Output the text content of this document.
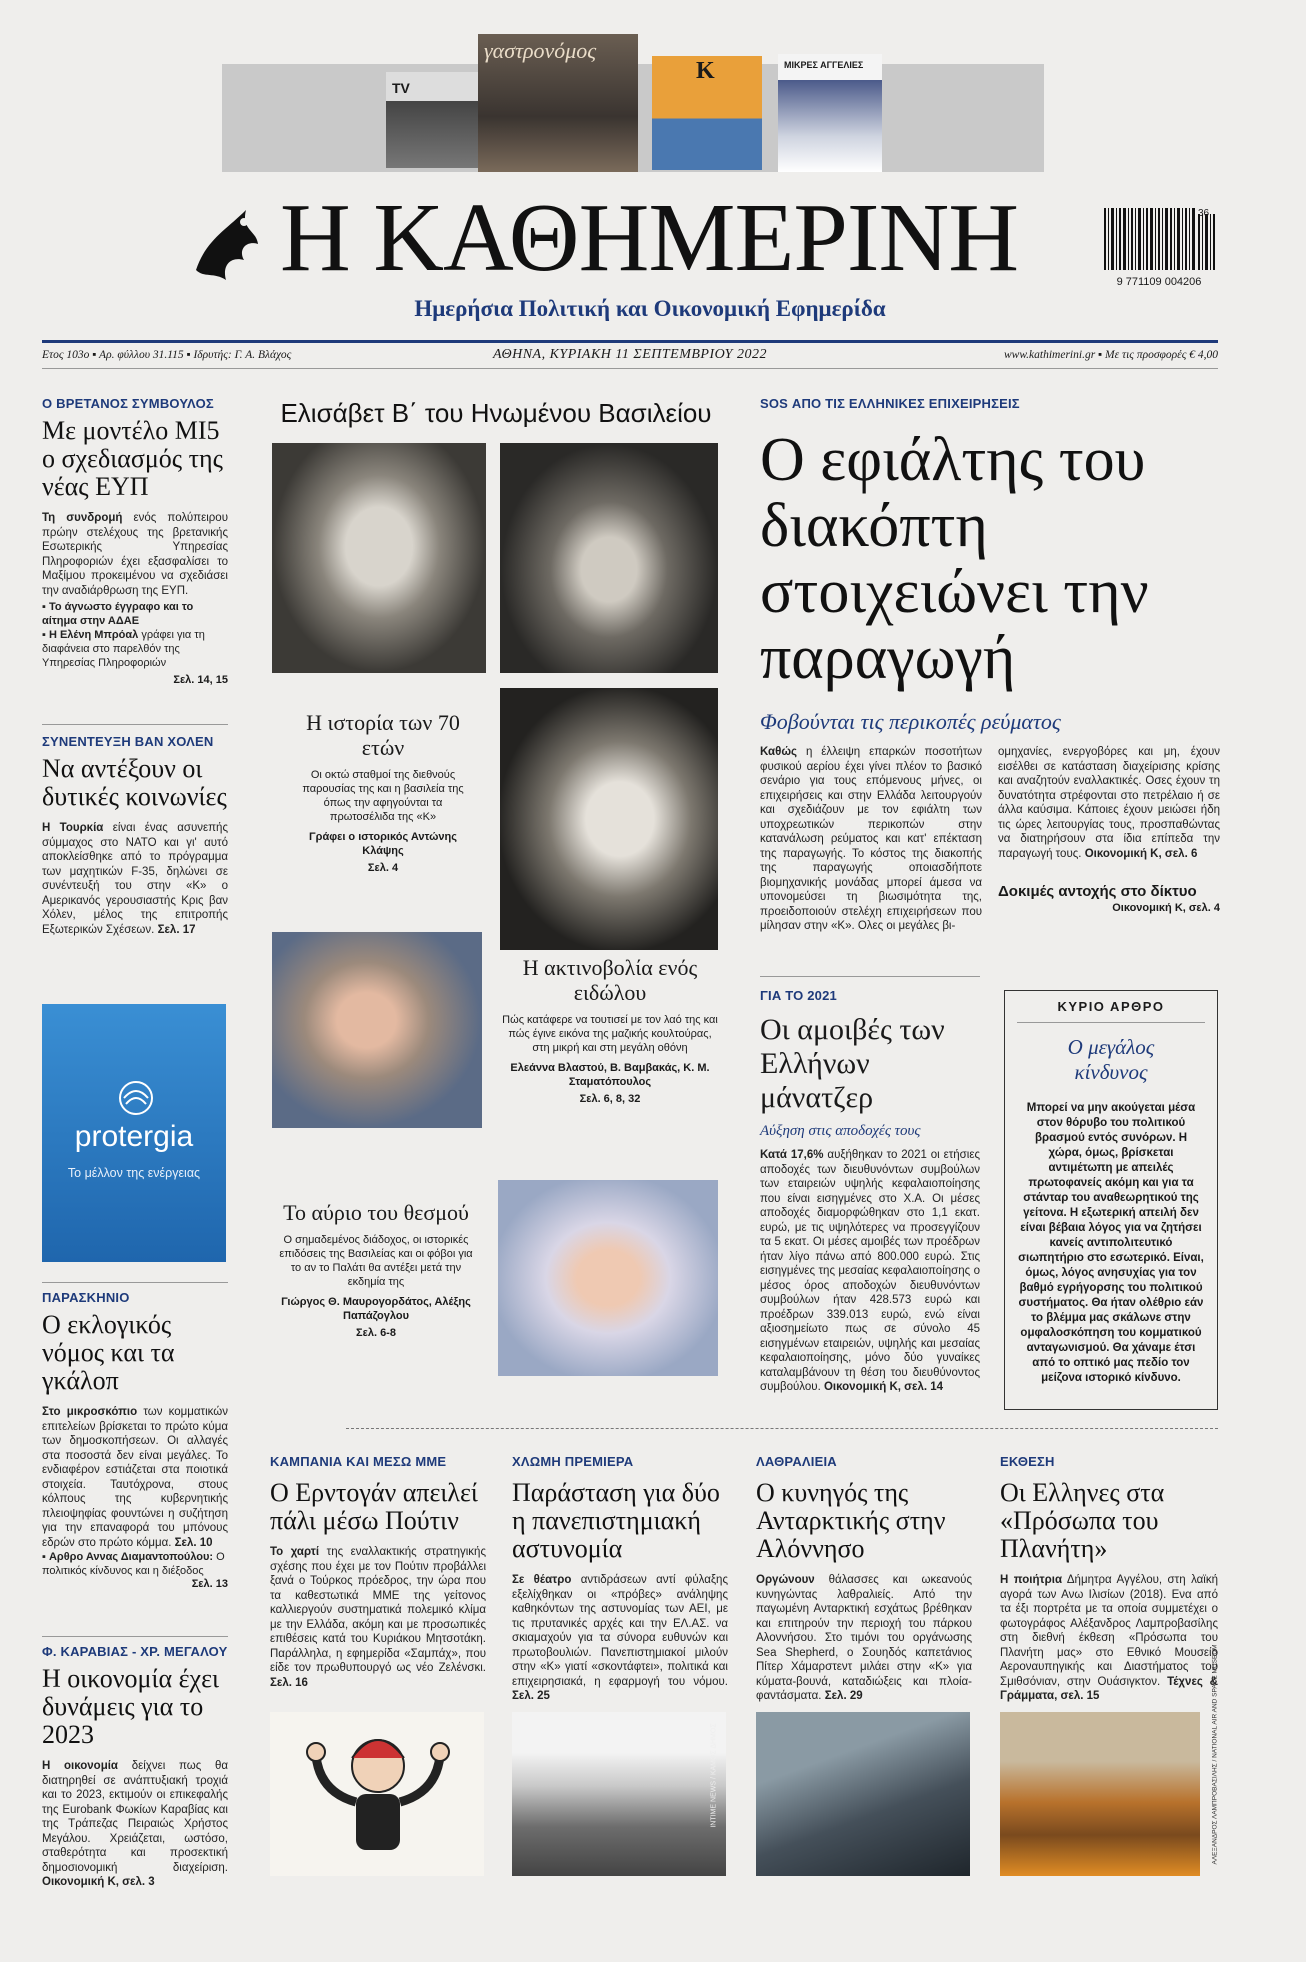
TV
γαστρονόμος
K	ΜΙΚΡΕΣ ΑΓΓΕΛΙΕΣ
Η ΚΑΘΗΜΕΡΙΝΗ
Ημερήσια Πολιτική και Οικονομική Εφημερίδα
36
9 771109 004206
Ετος 103ο ▪ Αρ. φύλλου 31.115 ▪ Ιδρυτής: Γ. Α. Βλάχος	ΑΘΗΝΑ, ΚΥΡΙΑΚΗ 11 ΣΕΠΤΕΜΒΡΙΟΥ 2022	www.kathimerini.gr ▪ Με τις προσφορές € 4,00
Ο ΒΡΕΤΑΝΟΣ ΣΥΜΒΟΥΛΟΣ
Με μοντέλο ΜΙ5 ο σχεδιασμός της νέας ΕΥΠ

Τη συνδρομή ενός πολύπειρου πρώην στελέχους της βρετανικής Εσωτερικής Υπηρεσίας Πληροφοριών έχει εξασφαλίσει το Μαξίμου προκειμένου να σχεδιάσει την αναδιάρθρωση της ΕΥΠ.

▪ Το άγνωστο έγγραφο και το αίτημα στην ΑΔΑΕ
▪ Η Ελένη Μπρόαλ γράφει για τη διαφάνεια στο παρελθόν της Υπηρεσίας Πληροφοριών
Σελ. 14, 15
ΣΥΝΕΝΤΕΥΞΗ ΒΑΝ ΧΟΛΕΝ
Να αντέξουν οι δυτικές κοινωνίες

Η Τουρκία είναι ένας ασυνεπής σύμμαχος στο ΝΑΤΟ και γι' αυτό αποκλείσθηκε από το πρόγραμμα των μαχητικών F-35, δηλώνει σε συνέντευξή του στην «Κ» ο Αμερικανός γερουσιαστής Κρις βαν Χόλεν, μέλος της επιτροπής Εξωτερικών Σχέσεων. Σελ. 17

protergia
Το μέλλον της ενέργειας
ΠΑΡΑΣΚΗΝΙΟ
Ο εκλογικός νόμος και τα γκάλοπ

Στο μικροσκόπιο των κομματικών επιτελείων βρίσκεται το πρώτο κύμα των δημοσκοπήσεων. Οι αλλαγές στα ποσοστά δεν είναι μεγάλες. Το ενδιαφέρον εστιάζεται στα ποιοτικά στοιχεία. Ταυτόχρονα, στους κόλπους της κυβερνητικής πλειοψηφίας φουντώνει η συζήτηση για την επαναφορά του μπόνους εδρών στο πρώτο κόμμα. Σελ. 10

▪ Αρθρο Αννας Διαμαντοπούλου: Ο πολιτικός κίνδυνος και η διέξοδος
Σελ. 13
Φ. ΚΑΡΑΒΙΑΣ - ΧΡ. ΜΕΓΑΛΟΥ
Η οικονομία έχει δυνάμεις για το 2023

Η οικονομία δείχνει πως θα διατηρηθεί σε ανάπτυξιακή τροχιά και το 2023, εκτιμούν οι επικεφαλής της Eurobank Φωκίων Καραβίας και της Τράπεζας Πειραιώς Χρήστος Μεγάλου. Χρειάζεται, ωστόσο, σταθερότητα και προσεκτική δημοσιονομική διαχείριση. Οικονομική Κ, σελ. 3

Ελισάβετ Β΄ του Ηνωμένου Βασιλείου
Η ιστορία των 70 ετών
Οι οκτώ σταθμοί της διεθνούς παρουσίας της και η βασιλεία της όπως την αφηγούνται τα πρωτοσέλιδα της «Κ»
Γράφει ο ιστορικός Αντώνης Κλάψης
Σελ. 4
Η ακτινοβολία ενός ειδώλου
Πώς κατάφερε να τουτισεί με τον λαό της και πώς έγινε εικόνα της μαζικής κουλτούρας, στη μικρή και στη μεγάλη οθόνη
Ελεάννα Βλαστού, Β. Βαμβακάς, Κ. Μ. Σταματόπουλος
Σελ. 6, 8, 32
Το αύριο του θεσμού
Ο σημαδεμένος διάδοχος, οι ιστορικές επιδόσεις της Βασιλείας και οι φόβοι για το αν το Παλάτι θα αντέξει μετά την εκδημία της
Γιώργος Θ. Μαυρογορδάτος, Αλέξης Παπάζογλου
Σελ. 6-8
SOS ΑΠΟ ΤΙΣ ΕΛΛΗΝΙΚΕΣ ΕΠΙΧΕΙΡΗΣΕΙΣ
Ο εφιάλτης του διακόπτη στοιχειώνει την παραγωγή
Φοβούνται τις περικοπές ρεύματος

Καθώς η έλλειψη επαρκών ποσοτήτων φυσικού αερίου έχει γίνει πλέον το βασικό σενάριο για τους επόμενους μήνες, οι επιχειρήσεις και στην Ελλάδα λειτουργούν και σχεδιάζουν με τον εφιάλτη των υποχρεωτικών περικοπών στην κατανάλωση ρεύματος και κατ' επέκταση της παραγωγής. Το κόστος της διακοπής της παραγωγής οποιασδήποτε βιομηχανικής μονάδας μπορεί άμεσα να υπονομεύσει τη βιωσιμότητα της, προειδοποιούν στελέχη επιχειρήσεων που μίλησαν στην «Κ». Ολες οι μεγάλες βι-

ομηχανίες, ενεργοβόρες και μη, έχουν εισέλθει σε κατάσταση διαχείρισης κρίσης και αναζητούν εναλλακτικές. Οσες έχουν τη δυνατότητα στρέφονται στο πετρέλαιο ή σε άλλα καύσιμα. Κάποιες έχουν μειώσει ήδη τις ώρες λειτουργίας τους, προσπαθώντας να διατηρήσουν στα ίδια επίπεδα την παραγωγή τους. Οικονομική Κ, σελ. 6

Δοκιμές αντοχής στο δίκτυο
Οικονομική Κ, σελ. 4
ΓΙΑ ΤΟ 2021
Οι αμοιβές των Ελλήνων μάνατζερ
Αύξηση στις αποδοχές τους

Κατά 17,6% αυξήθηκαν το 2021 οι ετήσιες αποδοχές των διευθυνόντων συμβούλων των εταιρειών υψηλής κεφαλαιοποίησης που είναι εισηγμένες στο Χ.Α. Οι μέσες αποδοχές διαμορφώθηκαν στο 1,1 εκατ. ευρώ, με τις υψηλότερες να προσεγγίζουν τα 5 εκατ. Οι μέσες αμοιβές των προέδρων ήταν λίγο πάνω από 800.000 ευρώ. Στις εισηγμένες της μεσαίας κεφαλαιοποίησης ο μέσος όρος αποδοχών διευθυνόντων συμβούλων ήταν 428.573 ευρώ και προέδρων 339.013 ευρώ, ενώ είναι αξιοσημείωτο πως σε σύνολο 45 εισηγμένων εταιρειών, υψηλής και μεσαίας κεφαλαιοποίησης, μόνο δύο γυναίκες καταλαμβάνουν τη θέση του διευθύνοντος συμβούλου. Οικονομική Κ, σελ. 14

ΚΥΡΙΟ ΑΡΘΡΟ
Ο μεγάλος κίνδυνος
Μπορεί να μην ακούγεται μέσα στον θόρυβο του πολιτικού βρασμού εντός συνόρων. Η χώρα, όμως, βρίσκεται αντιμέτωπη με απειλές πρωτοφανείς ακόμη και για τα στάνταρ του αναθεωρητικού της γείτονα. Η εξωτερική απειλή δεν είναι βέβαια λόγος για να ζητήσει κανείς αντιπολιτευτικό σιωπητήριο στο εσωτερικό. Είναι, όμως, λόγος ανησυχίας για τον βαθμό εγρήγορσης του πολιτικού συστήματος. Θα ήταν ολέθριο εάν το βλέμμα μας σκάλωνε στην ομφαλοσκόπηση του κομματικού ανταγωνισμού. Θα χάναμε έτσι από το οπτικό μας πεδίο τον μείζονα ιστορικό κίνδυνο.
ΚΑΜΠΑΝΙΑ ΚΑΙ ΜΕΣΩ ΜΜΕ
Ο Ερντογάν απειλεί πάλι μέσω Πούτιν

Το χαρτί της εναλλακτικής στρατηγικής σχέσης που έχει με τον Πούτιν προβάλλει ξανά ο Τούρκος πρόεδρος, την ώρα που τα καθεστωτικά ΜΜΕ της γείτονος καλλιεργούν συστηματικά πολεμικό κλίμα με την Ελλάδα, ακόμη και με προσωπικές επιθέσεις κατά του Κυριάκου Μητσοτάκη. Παράλληλα, η εφημερίδα «Σαμπάχ», που είδε τον πρωθυπουργό ως νέο Ζελένσκι. Σελ. 16

ΧΛΩΜΗ ΠΡΕΜΙΕΡΑ
Παράσταση για δύο η πανεπιστημιακή αστυνομία

Σε θέατρο αντιδράσεων αντί φύλαξης εξελίχθηκαν οι «πρόβες» ανάληψης καθηκόντων της αστυνομίας των ΑΕΙ, με τις πρυτανικές αρχές και την ΕΛ.ΑΣ. να σκιαμαχούν για τα σύνορα ευθυνών και πρωτοβουλιών. Πανεπιστημιακοί μιλούν στην «Κ» γιατί «σκοντάφτει», πολιτικά και επιχειρησιακά, η εφαρμογή του νόμου. Σελ. 25

ΛΑΘΡΑΛΙΕΙΑ
Ο κυνηγός της Ανταρκτικής στην Αλόννησο

Οργώνουν θάλασσες και ωκεανούς κυνηγώντας λαθραλιείς. Από την παγωμένη Ανταρκτική εσχάτως βρέθηκαν και επιτηρούν την περιοχή του πάρκου Αλοννήσου. Στο τιμόνι του οργάνωσης Sea Shepherd, ο Σουηδός καπετάνιος Πίτερ Χάμαρστεντ μιλάει στην «Κ» για κύματα-βουνά, καταδιώξεις και πλοία-φαντάσματα. Σελ. 29

ΕΚΘΕΣΗ
Οι Ελληνες στα «Πρόσωπα του Πλανήτη»

Η ποιήτρια Δήμητρα Αγγέλου, στη λαϊκή αγορά των Ανω Ιλισίων (2018). Ενα από τα έξι πορτρέτα με τα οποία συμμετέχει ο φωτογράφος Αλέξανδρος Λαμπροβασίλης στη διεθνή έκθεση «Πρόσωπα του Πλανήτη μας» στο Εθνικό Μουσείο Αεροναυπηγικής και Διαστήματος του Σμιθσόνιαν, στην Ουάσιγκτον. Τέχνες & Γράμματα, σελ. 15

ΙΝΤΙΜΕ NEWS / ΚΑΜΟΣ ΔΗΜΟΣ	ΑΛΕΞΑΝΔΡΟΣ ΛΑΜΠΡΟΒΑΣΙΛΗΣ / NATIONAL AIR AND SPACE MUSEUM
